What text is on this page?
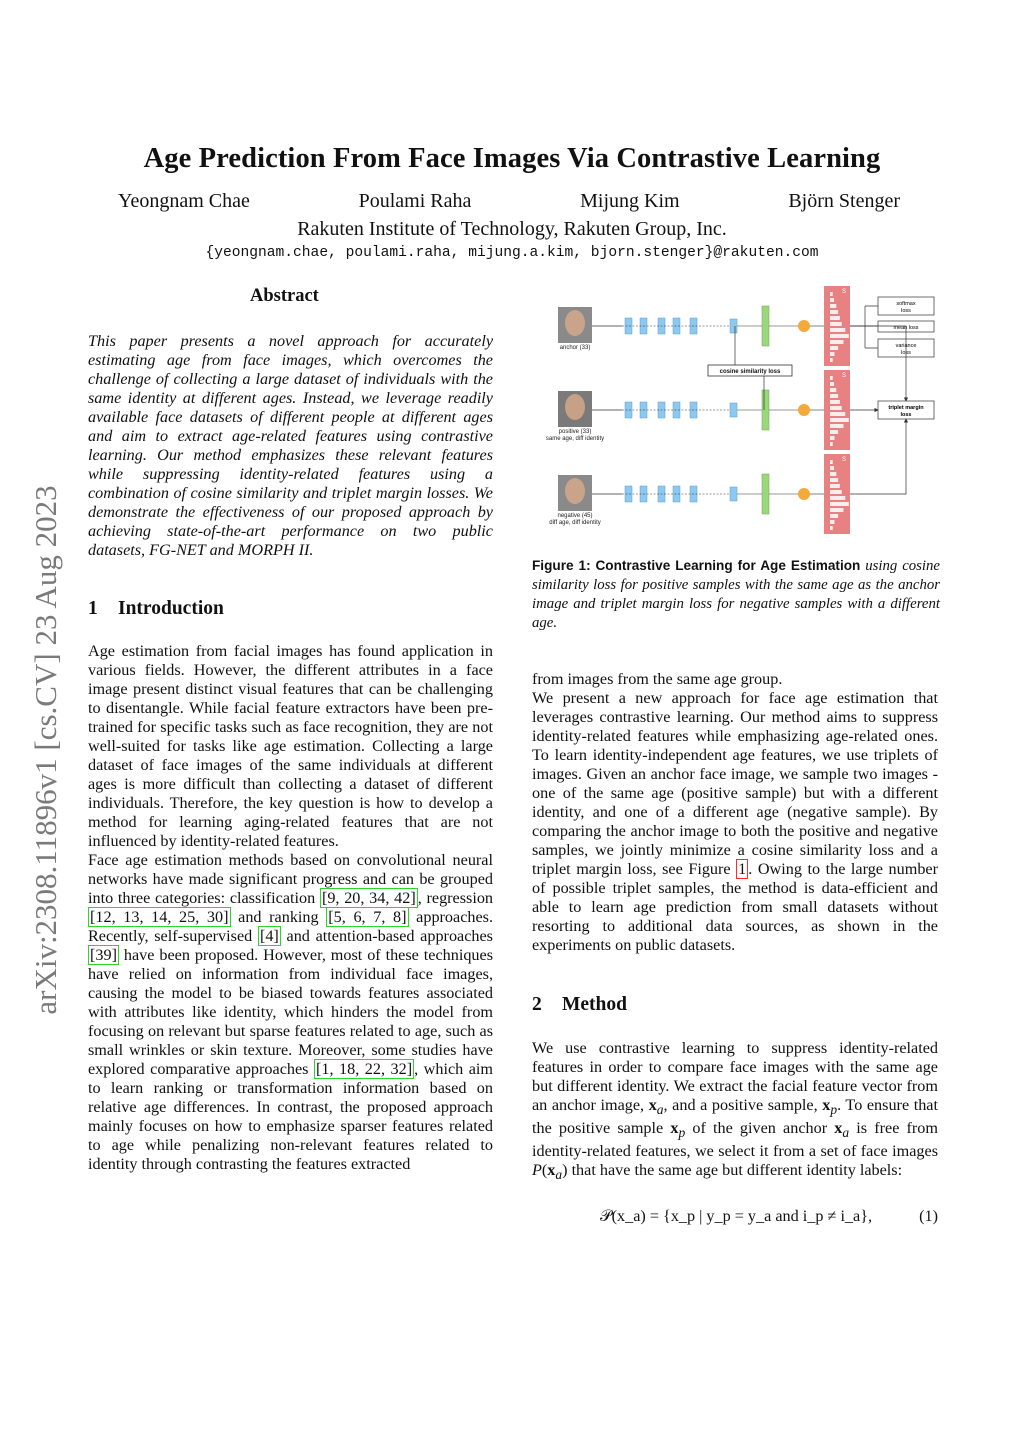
Age Prediction From Face Images Via Contrastive Learning
Yeongnam Chae	Poulami Raha	Mijung Kim	Björn Stenger
Rakuten Institute of Technology, Rakuten Group, Inc.
{yeongnam.chae, poulami.raha, mijung.a.kim, bjorn.stenger}@rakuten.com
arXiv:2308.11896v1 [cs.CV] 23 Aug 2023
Abstract
This paper presents a novel approach for accurately estimating age from face images, which overcomes the challenge of collecting a large dataset of individuals with the same identity at different ages. Instead, we leverage readily available face datasets of different people at different ages and aim to extract age-related features using contrastive learning. Our method emphasizes these relevant features while suppressing identity-related features using a combination of cosine similarity and triplet margin losses. We demonstrate the effectiveness of our proposed approach by achieving state-of-the-art performance on two public datasets, FG-NET and MORPH II.
1 Introduction

Age estimation from facial images has found application in various fields. However, the different attributes in a face image present distinct visual features that can be challenging to disentangle. While facial feature extractors have been pre-trained for specific tasks such as face recognition, they are not well-suited for tasks like age estimation. Collecting a large dataset of face images of the same individuals at different ages is more difficult than collecting a dataset of different individuals. Therefore, the key question is how to develop a method for learning aging-related features that are not influenced by identity-related features.

Face age estimation methods based on convolutional neural networks have made significant progress and can be grouped into three categories: classification [9, 20, 34, 42] , regression [12, 13, 14, 25, 30] and ranking [5, 6, 7, 8] approaches. Recently, self-supervised [4] and attention-based approaches [39] have been proposed. However, most of these techniques have relied on information from individual face images, causing the model to be biased towards features associated with attributes like identity, which hinders the model from focusing on relevant but sparse features related to age, such as small wrinkles or skin texture. Moreover, some studies have explored comparative approaches [1, 18, 22, 32] , which aim to learn ranking or transformation information based on relative age differences. In contrast, the proposed approach mainly focuses on how to emphasize sparser features related to age while penalizing non-relevant features related to identity through contrasting the features extracted

anchor (33)
positive (33)
same age, diff identity
negative (45)
diff age, diff identity
S
S
S
cosine similarity loss
softmax
loss
mean loss
variance
loss
triplet margin
loss
Figure 1: Contrastive Learning for Age Estimation using cosine similarity loss for positive samples with the same age as the anchor image and triplet margin loss for negative samples with a different age.

from images from the same age group.

We present a new approach for face age estimation that leverages contrastive learning. Our method aims to suppress identity-related features while emphasizing age-related ones. To learn identity-independent age features, we use triplets of images. Given an anchor face image, we sample two images - one of the same age (positive sample) but with a different identity, and one of a different age (negative sample). By comparing the anchor image to both the positive and negative samples, we jointly minimize a cosine similarity loss and a triplet margin loss, see Figure 1 . Owing to the large number of possible triplet samples, the method is data-efficient and able to learn age prediction from small datasets without resorting to additional data sources, as shown in the experiments on public datasets.

2 Method
We use contrastive learning to suppress identity-related features in order to compare face images with the same age but different identity. We extract the facial feature vector from an anchor image, $x_a$, and a positive sample, $x_p$. To ensure that the positive sample $x_p$ of the given anchor $x_a$ is free from identity-related features, we select it from a set of face images $P(x_a)$ that have the same age but different identity labels:
𝒫(x_a) = {x_p | y_p = y_a and i_p ≠ i_a},	(1)
